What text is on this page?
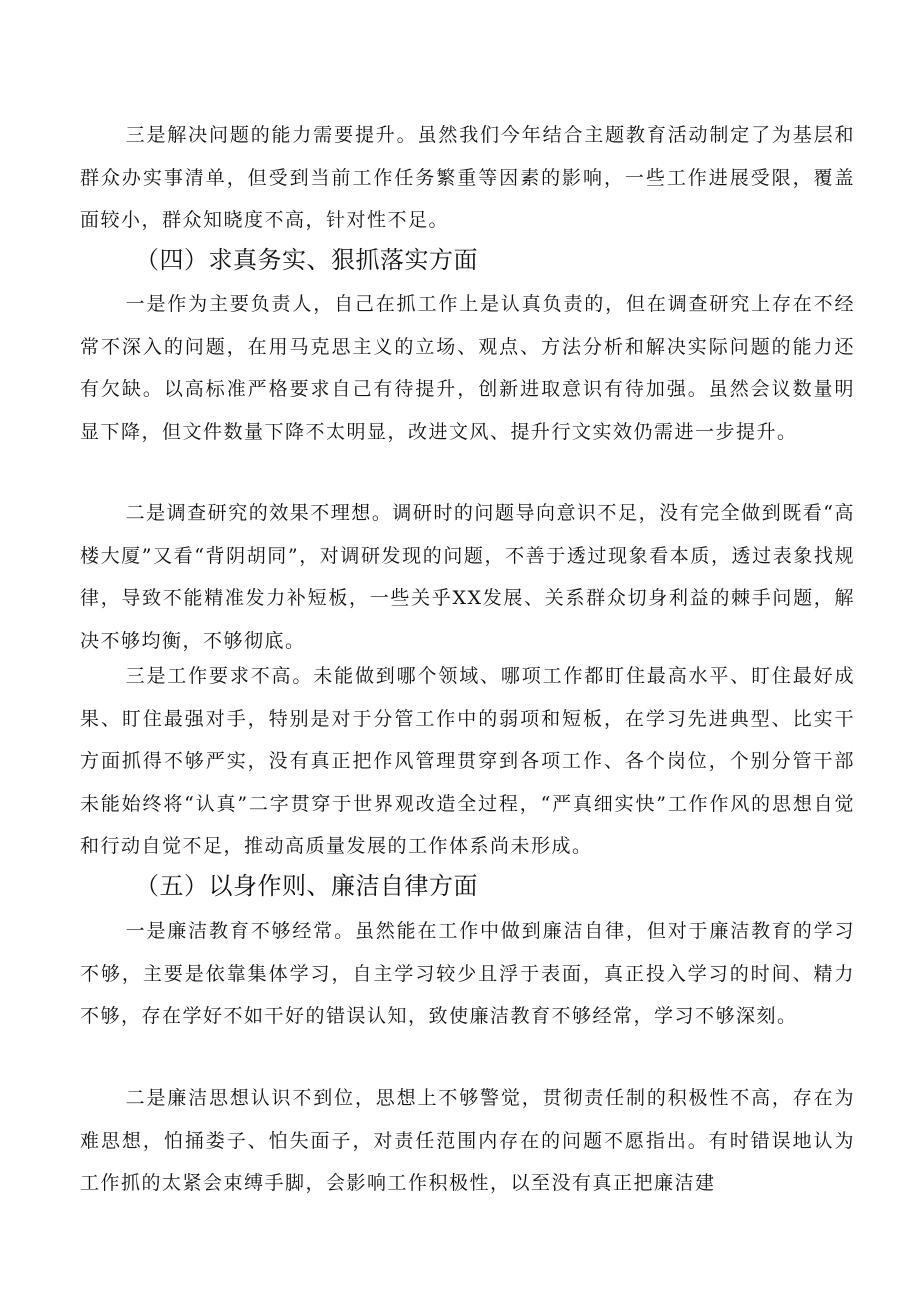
三是解决问题的能力需要提升。虽然我们今年结合主题教育活动制定了为基层和群众办实事清单，但受到当前工作任务繁重等因素的影响，一些工作进展受限，覆盖面较小，群众知晓度不高，针对性不足。

（四）求真务实、狠抓落实方面

一是作为主要负责人，自己在抓工作上是认真负责的，但在调查研究上存在不经常不深入的问题，在用马克思主义的立场、观点、方法分析和解决实际问题的能力还有欠缺。以高标准严格要求自己有待提升，创新进取意识有待加强。虽然会议数量明显下降，但文件数量下降不太明显，改进文风、提升行文实效仍需进一步提升。

二是调查研究的效果不理想。调研时的问题导向意识不足，没有完全做到既看“高楼大厦”又看“背阴胡同”，对调研发现的问题，不善于透过现象看本质，透过表象找规律，导致不能精准发力补短板，一些关乎XX发展、关系群众切身利益的棘手问题，解决不够均衡，不够彻底。

三是工作要求不高。未能做到哪个领域、哪项工作都盯住最高水平、盯住最好成果、盯住最强对手，特别是对于分管工作中的弱项和短板，在学习先进典型、比实干方面抓得不够严实，没有真正把作风管理贯穿到各项工作、各个岗位，个别分管干部未能始终将“认真”二字贯穿于世界观改造全过程，“严真细实快”工作作风的思想自觉和行动自觉不足，推动高质量发展的工作体系尚未形成。

（五）以身作则、廉洁自律方面

一是廉洁教育不够经常。虽然能在工作中做到廉洁自律，但对于廉洁教育的学习不够，主要是依靠集体学习，自主学习较少且浮于表面，真正投入学习的时间、精力不够，存在学好不如干好的错误认知，致使廉洁教育不够经常，学习不够深刻。

二是廉洁思想认识不到位，思想上不够警觉，贯彻责任制的积极性不高，存在为难思想，怕捅娄子、怕失面子，对责任范围内存在的问题不愿指出。有时错误地认为工作抓的太紧会束缚手脚，会影响工作积极性，以至没有真正把廉洁建
